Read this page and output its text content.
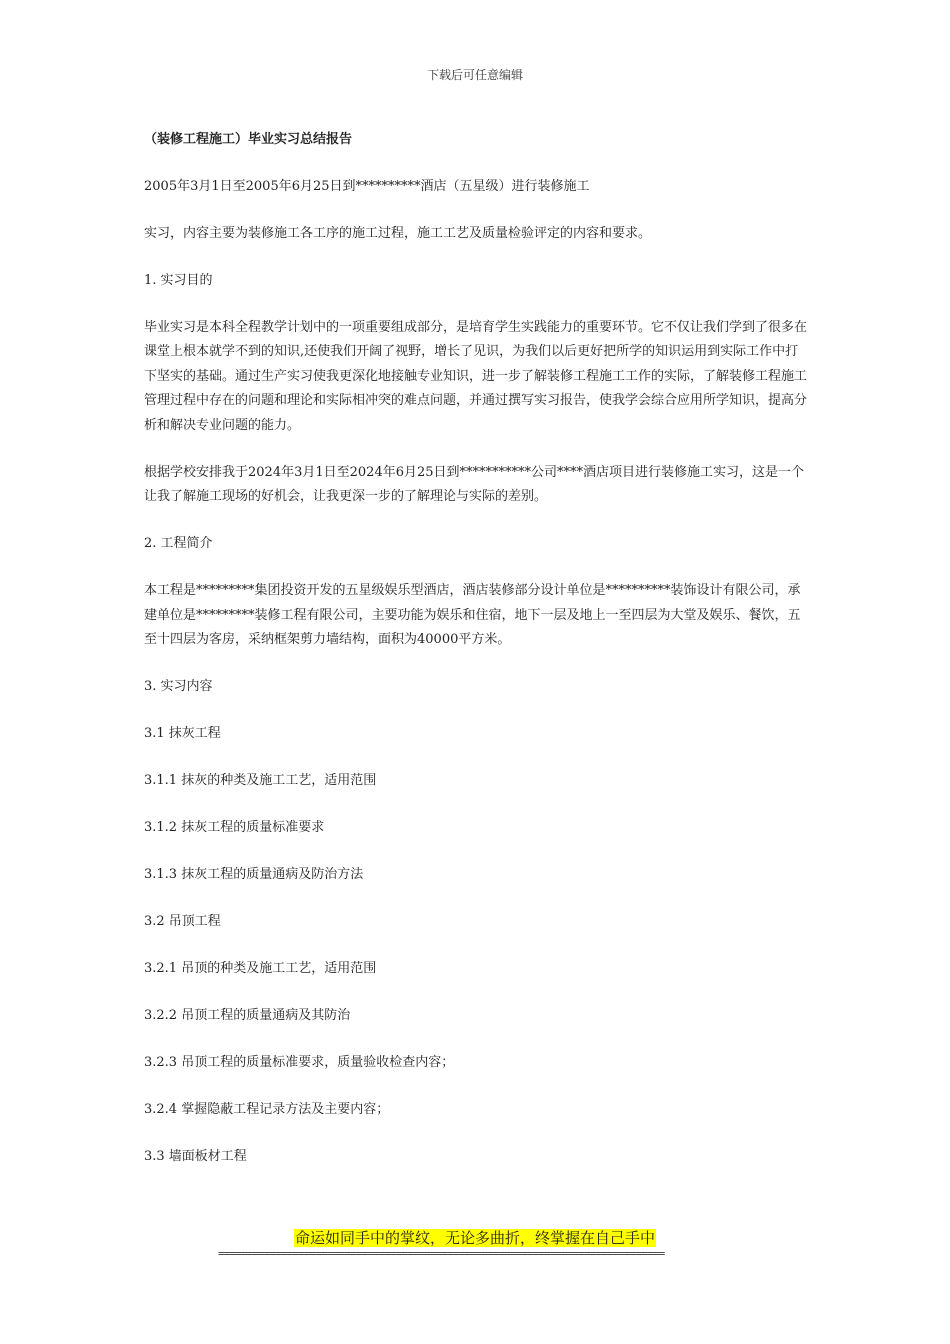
下载后可任意编辑

（装修工程施工）毕业实习总结报告

2005年3月1日至2005年6月25日到**********酒店（五星级）进行装修施工

实习，内容主要为装修施工各工序的施工过程，施工工艺及质量检验评定的内容和要求。

1. 实习目的

毕业实习是本科全程教学计划中的一项重要组成部分，是培育学生实践能力的重要环节。它不仅让我们学到了很多在课堂上根本就学不到的知识,还使我们开阔了视野，增长了见识，为我们以后更好把所学的知识运用到实际工作中打下坚实的基础。通过生产实习使我更深化地接触专业知识，进一步了解装修工程施工工作的实际，了解装修工程施工管理过程中存在的问题和理论和实际相冲突的难点问题，并通过撰写实习报告，使我学会综合应用所学知识，提高分析和解决专业问题的能力。

根据学校安排我于2024年3月1日至2024年6月25日到***********公司****酒店项目进行装修施工实习，这是一个让我了解施工现场的好机会，让我更深一步的了解理论与实际的差别。

2. 工程简介

本工程是*********集团投资开发的五星级娱乐型酒店，酒店装修部分设计单位是**********装饰设计有限公司，承建单位是*********装修工程有限公司，主要功能为娱乐和住宿，地下一层及地上一至四层为大堂及娱乐、餐饮，五至十四层为客房，采纳框架剪力墙结构，面积为40000平方米。

3. 实习内容

3.1 抹灰工程

3.1.1 抹灰的种类及施工工艺，适用范围

3.1.2 抹灰工程的质量标准要求

3.1.3 抹灰工程的质量通病及防治方法

3.2 吊顶工程

3.2.1 吊顶的种类及施工工艺，适用范围

3.2.2 吊顶工程的质量通病及其防治

3.2.3 吊顶工程的质量标准要求，质量验收检查内容；

3.2.4 掌握隐蔽工程记录方法及主要内容；

3.3 墙面板材工程

命运如同手中的掌纹，无论多曲折，终掌握在自己手中
==============================================================================
